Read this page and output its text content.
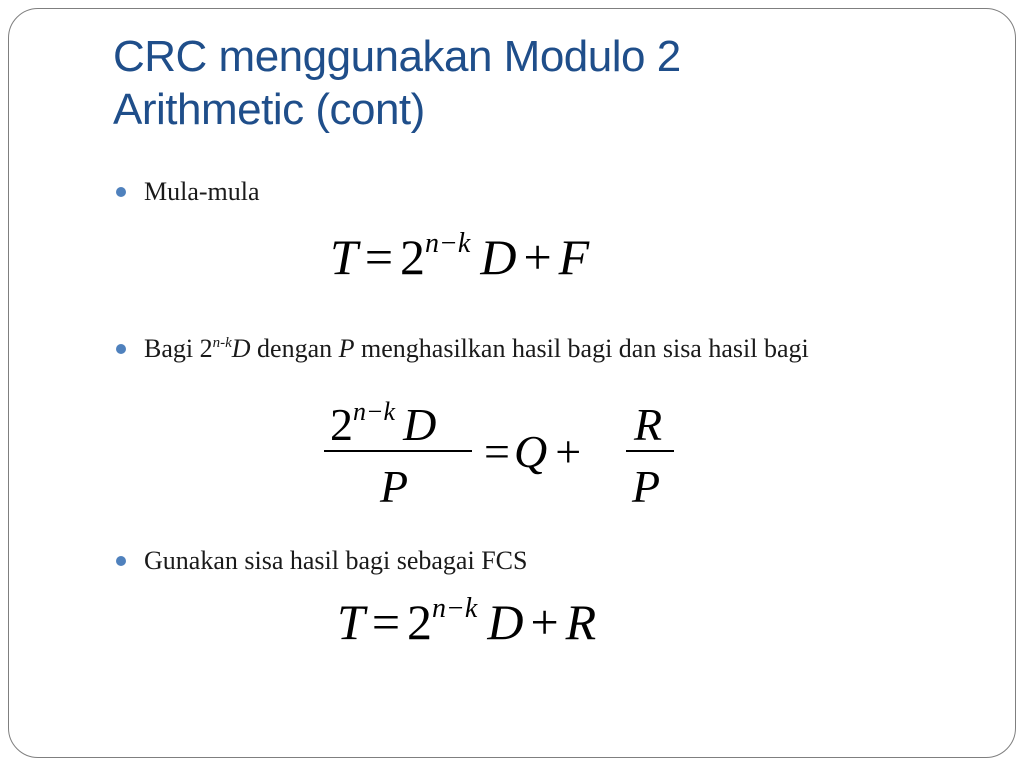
CRC menggunakan Modulo 2
Arithmetic (cont)
Mula-mula
$T = 2^{n-k}$ D + F
Bagi 2$^{n-k}$D dengan P menghasilkan hasil bagi dan sisa hasil bagi
$2^{n-k}$ D
P
=Q +
R
P
Gunakan sisa hasil bagi sebagai FCS
$T = 2^{n-k}$ D + R
